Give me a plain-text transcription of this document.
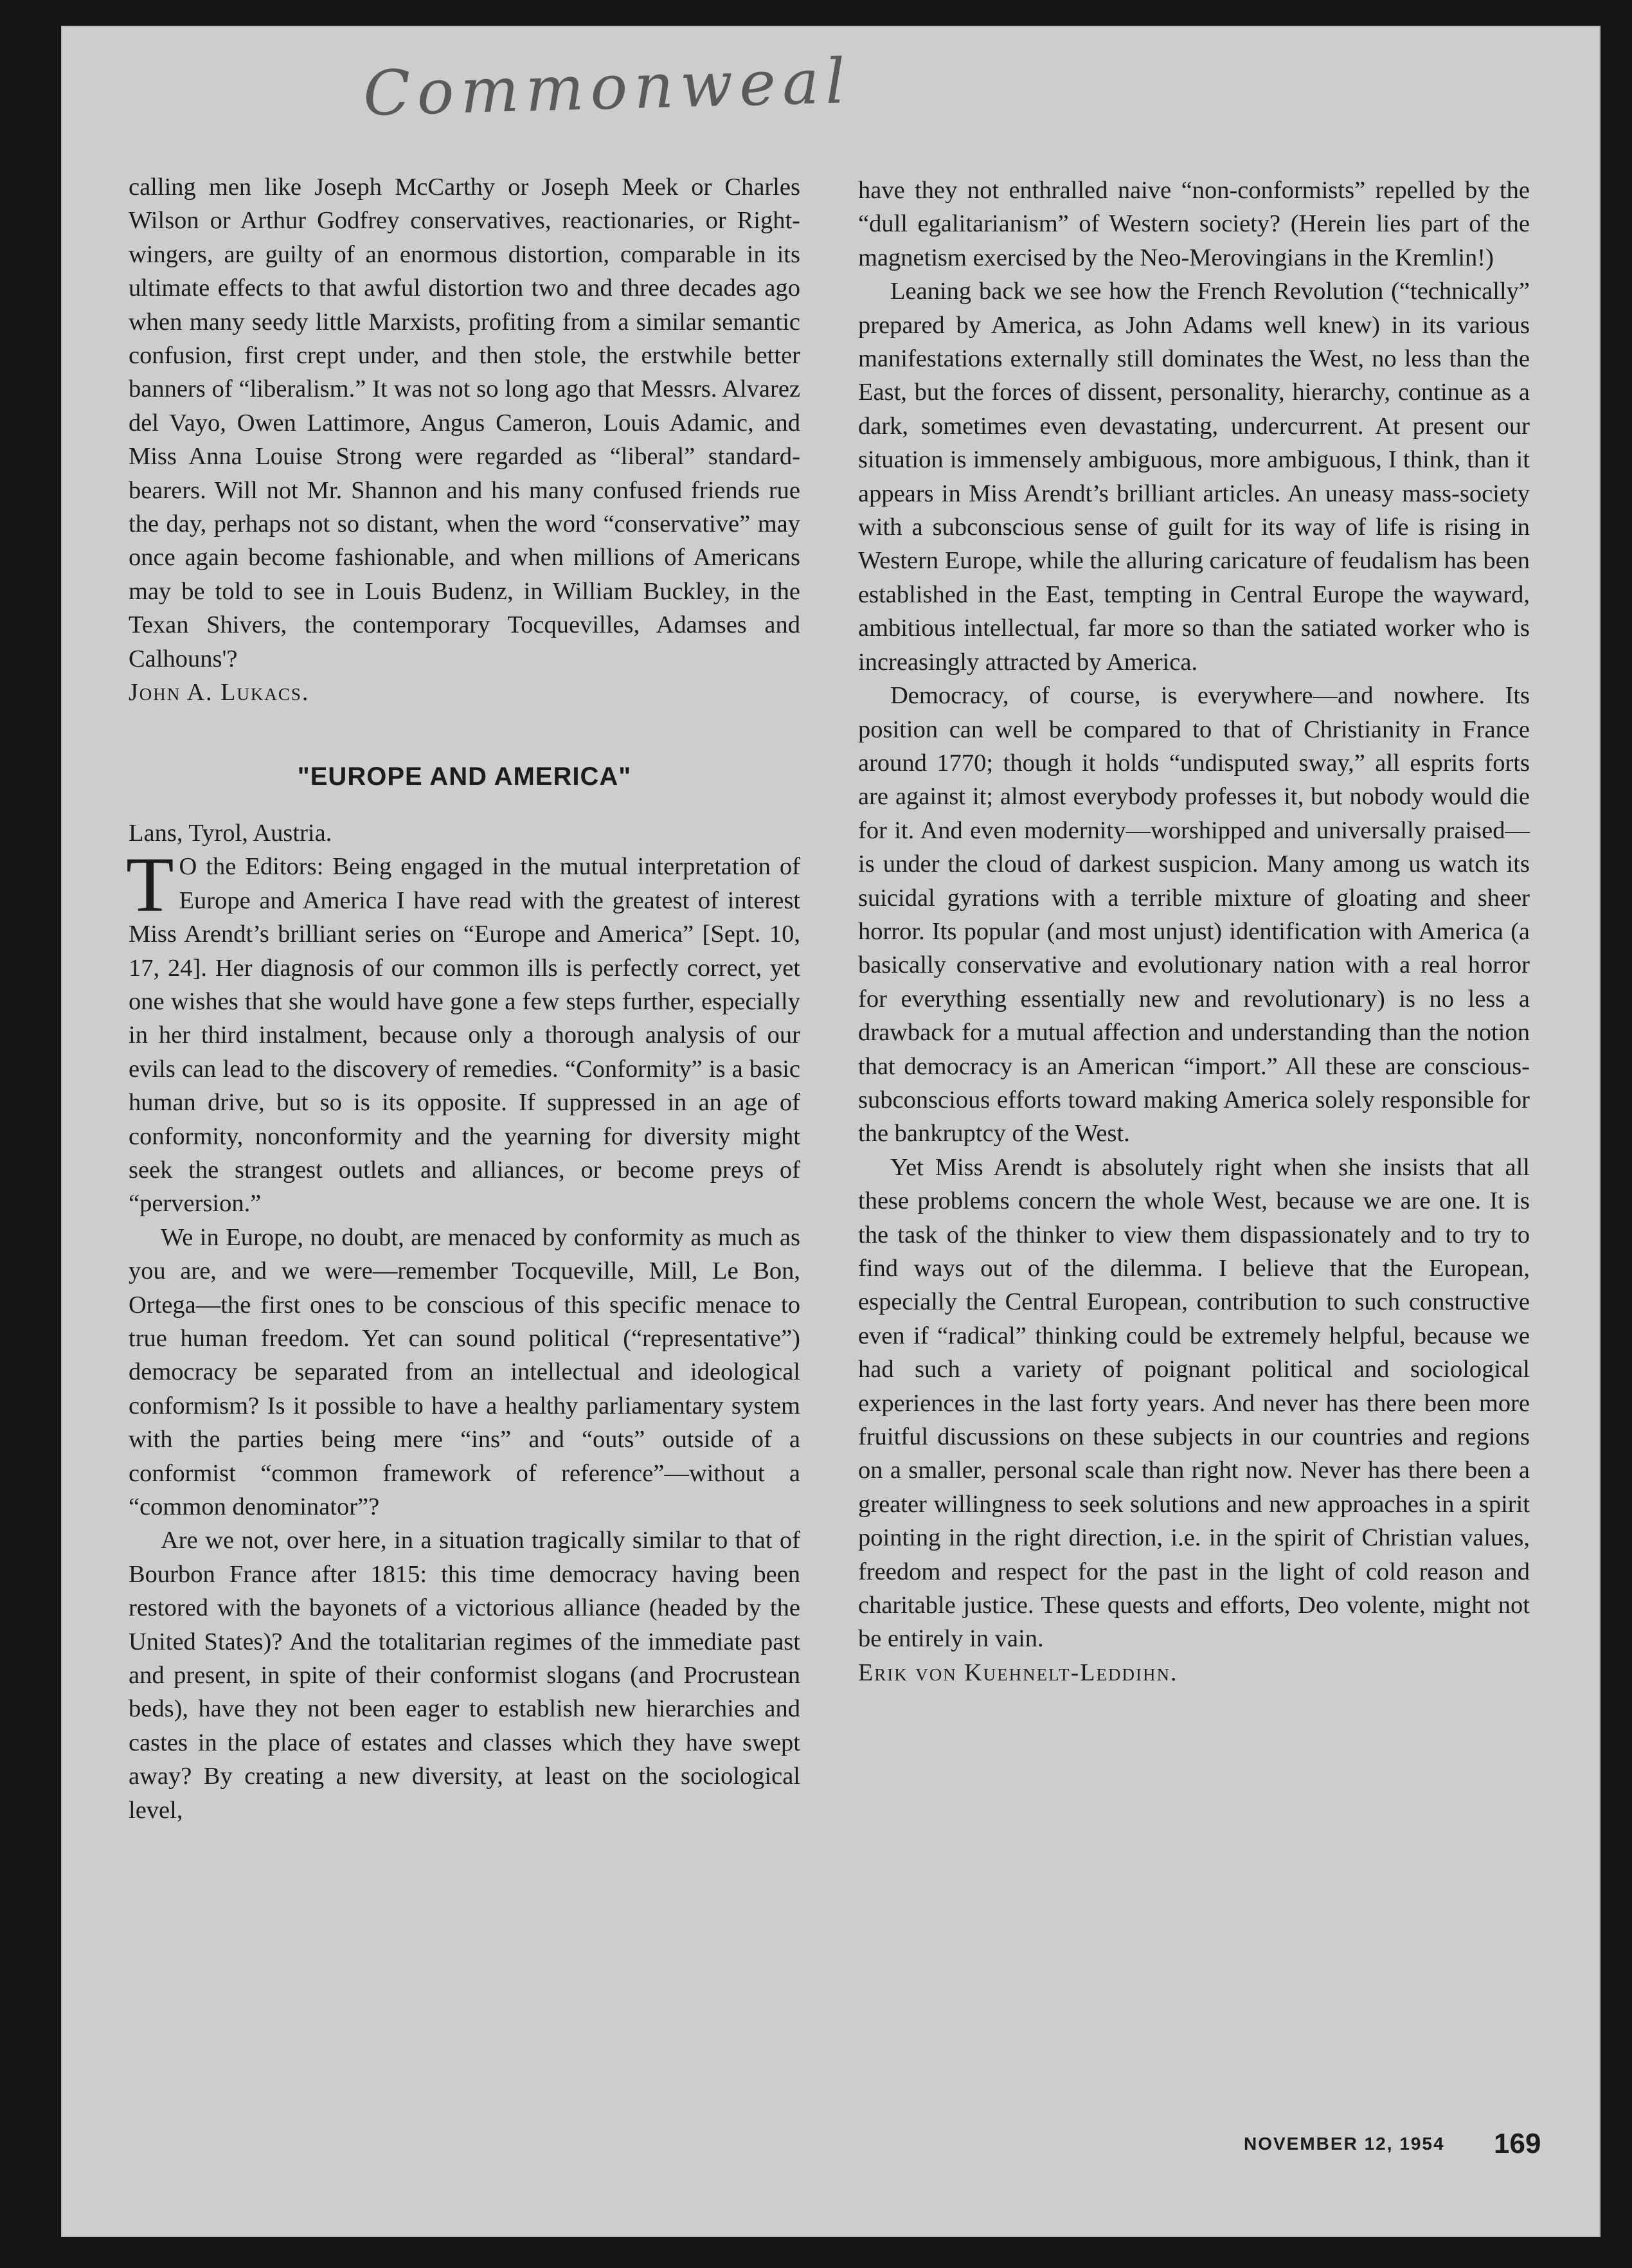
Commonweal

calling men like Joseph McCarthy or Joseph Meek or Charles Wilson or Arthur Godfrey conservatives, reactionaries, or Right-wingers, are guilty of an enormous distortion, comparable in its ultimate effects to that awful distortion two and three decades ago when many seedy little Marxists, profiting from a similar semantic confusion, first crept under, and then stole, the erstwhile better banners of “liberalism.” It was not so long ago that Messrs. Alvarez del Vayo, Owen Lattimore, Angus Cameron, Louis Adamic, and Miss Anna Louise Strong were regarded as “liberal” standard-bearers. Will not Mr. Shannon and his many confused friends rue the day, perhaps not so distant, when the word “conservative” may once again become fashionable, and when millions of Americans may be told to see in Louis Budenz, in William Buckley, in the Texan Shivers, the contemporary Tocquevilles, Adamses and Calhouns'?

John A. Lukacs.

"EUROPE AND AMERICA"

Lans, Tyrol, Austria.

T O the Editors: Being engaged in the mutual interpretation of Europe and America I have read with the greatest of interest Miss Arendt’s brilliant series on “Europe and America” [Sept. 10, 17, 24]. Her diagnosis of our common ills is perfectly correct, yet one wishes that she would have gone a few steps further, especially in her third instalment, because only a thorough analysis of our evils can lead to the discovery of remedies. “Conformity” is a basic human drive, but so is its opposite. If suppressed in an age of conformity, nonconformity and the yearning for diversity might seek the strangest outlets and alliances, or become preys of “perversion.”

We in Europe, no doubt, are menaced by conformity as much as you are, and we were—remember Tocqueville, Mill, Le Bon, Ortega—the first ones to be conscious of this specific menace to true human freedom. Yet can sound political (“representative”) democracy be separated from an intellectual and ideological conformism? Is it possible to have a healthy parliamentary system with the parties being mere “ins” and “outs” outside of a conformist “common framework of reference”—without a “common denominator”?

Are we not, over here, in a situation tragically similar to that of Bourbon France after 1815: this time democracy having been restored with the bayonets of a victorious alliance (headed by the United States)? And the totalitarian regimes of the immediate past and present, in spite of their conformist slogans (and Procrustean beds), have they not been eager to establish new hierarchies and castes in the place of estates and classes which they have swept away? By creating a new diversity, at least on the sociological level,

have they not enthralled naive “non-conformists” repelled by the “dull egalitarianism” of Western society? (Herein lies part of the magnetism exercised by the Neo-Merovingians in the Kremlin!)

Leaning back we see how the French Revolution (“technically” prepared by America, as John Adams well knew) in its various manifestations externally still dominates the West, no less than the East, but the forces of dissent, personality, hierarchy, continue as a dark, sometimes even devastating, undercurrent. At present our situation is immensely ambiguous, more ambiguous, I think, than it appears in Miss Arendt’s brilliant articles. An uneasy mass-society with a subconscious sense of guilt for its way of life is rising in Western Europe, while the alluring caricature of feudalism has been established in the East, tempting in Central Europe the wayward, ambitious intellectual, far more so than the satiated worker who is increasingly attracted by America.

Democracy, of course, is everywhere—and nowhere. Its position can well be compared to that of Christianity in France around 1770; though it holds “undisputed sway,” all esprits forts are against it; almost everybody professes it, but nobody would die for it. And even modernity—worshipped and universally praised—is under the cloud of darkest suspicion. Many among us watch its suicidal gyrations with a terrible mixture of gloating and sheer horror. Its popular (and most unjust) identification with America (a basically conservative and evolutionary nation with a real horror for everything essentially new and revolutionary) is no less a drawback for a mutual affection and understanding than the notion that democracy is an American “import.” All these are conscious-subconscious efforts toward making America solely responsible for the bankruptcy of the West.

Yet Miss Arendt is absolutely right when she insists that all these problems concern the whole West, because we are one. It is the task of the thinker to view them dispassionately and to try to find ways out of the dilemma. I believe that the European, especially the Central European, contribution to such constructive even if “radical” thinking could be extremely helpful, because we had such a variety of poignant political and sociological experiences in the last forty years. And never has there been more fruitful discussions on these subjects in our countries and regions on a smaller, personal scale than right now. Never has there been a greater willingness to seek solutions and new approaches in a spirit pointing in the right direction, i.e. in the spirit of Christian values, freedom and respect for the past in the light of cold reason and charitable justice. These quests and efforts, Deo volente, might not be entirely in vain.

Erik von Kuehnelt-Leddihn.

NOVEMBER 12, 1954 169
